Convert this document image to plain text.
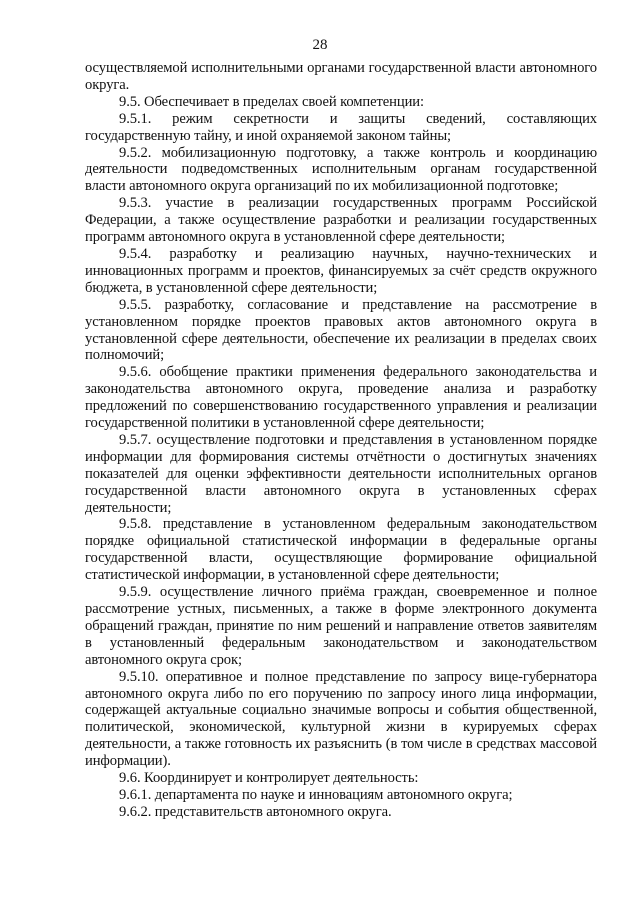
28

осуществляемой исполнительными органами государственной власти автономного округа.

9.5. Обеспечивает в пределах своей компетенции:

9.5.1. режим секретности и защиты сведений, составляющих государственную тайну, и иной охраняемой законом тайны;

9.5.2. мобилизационную подготовку, а также контроль и координацию деятельности подведомственных исполнительным органам государственной власти автономного округа организаций по их мобилизационной подготовке;

9.5.3. участие в реализации государственных программ Российской Федерации, а также осуществление разработки и реализации государственных программ автономного округа в установленной сфере деятельности;

9.5.4. разработку и реализацию научных, научно-технических и инновационных программ и проектов, финансируемых за счёт средств окружного бюджета, в установленной сфере деятельности;

9.5.5. разработку, согласование и представление на рассмотрение в установленном порядке проектов правовых актов автономного округа в установленной сфере деятельности, обеспечение их реализации в пределах своих полномочий;

9.5.6. обобщение практики применения федерального законодательства и законодательства автономного округа, проведение анализа и разработку предложений по совершенствованию государственного управления и реализации государственной политики в установленной сфере деятельности;

9.5.7. осуществление подготовки и представления в установленном порядке информации для формирования системы отчётности о достигнутых значениях показателей для оценки эффективности деятельности исполнительных органов государственной власти автономного округа в установленных сферах деятельности;

9.5.8. представление в установленном федеральным законодательством порядке официальной статистической информации в федеральные органы государственной власти, осуществляющие формирование официальной статистической информации, в установленной сфере деятельности;

9.5.9. осуществление личного приёма граждан, своевременное и полное рассмотрение устных, письменных, а также в форме электронного документа обращений граждан, принятие по ним решений и направление ответов заявителям в установленный федеральным законодательством и законодательством автономного округа срок;

9.5.10. оперативное и полное представление по запросу вице-губернатора автономного округа либо по его поручению по запросу иного лица информации, содержащей актуальные социально значимые вопросы и события общественной, политической, экономической, культурной жизни в курируемых сферах деятельности, а также готовность их разъяснить (в том числе в средствах массовой информации).

9.6. Координирует и контролирует деятельность:

9.6.1. департамента по науке и инновациям автономного округа;

9.6.2. представительств автономного округа.
